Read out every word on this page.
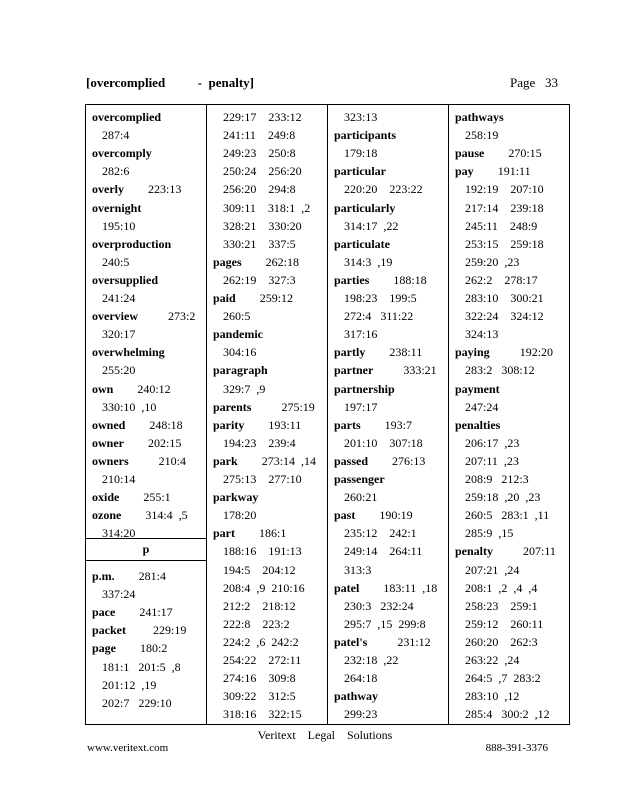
[overcomplied          -  penalty]	Page   33
p
overcomplied
287:4
overcomply
282:6
overly        223:13
overnight
195:10
overproduction
240:5
oversupplied
241:24
overview          273:2
320:17
overwhelming
255:20
own        240:12
330:10  ,10
owned        248:18
owner        202:15
owners          210:4
210:14
oxide        255:1
ozone        314:4  ,5
314:20
p.m.        281:4
337:24
pace        241:17
packet         229:19
page        180:2
181:1   201:5  ,8
201:12  ,19
202:7   229:10
229:17    233:12
241:11    249:8
249:23    250:8
250:24    256:20
256:20    294:8
309:11    318:1  ,2
328:21    330:20
330:21    337:5
pages        262:18
262:19    327:3
paid        259:12
260:5
pandemic
304:16
paragraph
329:7  ,9
parents          275:19
parity        193:11
194:23    239:4
park        273:14  ,14
275:13    277:10
parkway
178:20
part        186:1
188:16    191:13
194:5    204:12
208:4  ,9  210:16
212:2    218:12
222:8    223:2
224:2  ,6  242:2
254:22    272:11
274:16    309:8
309:22    312:5
318:16    322:15
323:13
participants
179:18
particular
220:20    223:22
particularly
314:17  ,22
particulate
314:3  ,19
parties        188:18
198:23    199:5
272:4   311:22
317:16
partly        238:11
partner          333:21
partnership
197:17
parts        193:7
201:10    307:18
passed        276:13
passenger
260:21
past        190:19
235:12    242:1
249:14    264:11
313:3
patel        183:11  ,18
230:3   232:24
295:7  ,15  299:8
patel's          231:12
232:18  ,22
264:18
pathway
299:23
pathways
258:19
pause        270:15
pay        191:11
192:19    207:10
217:14    239:18
245:11    248:9
253:15    259:18
259:20  ,23
262:2    278:17
283:10    300:21
322:24    324:12
324:13
paying          192:20
283:2   308:12
payment
247:24
penalties
206:17  ,23
207:11  ,23
208:9   212:3
259:18  ,20  ,23
260:5   283:1  ,11
285:9  ,15
penalty          207:11
207:21  ,24
208:1  ,2  ,4  ,4
258:23    259:1
259:12    260:11
260:20    262:3
263:22  ,24
264:5  ,7  283:2
283:10  ,12
285:4   300:2  ,12
Veritext    Legal    Solutions
www.veritext.com	888-391-3376
